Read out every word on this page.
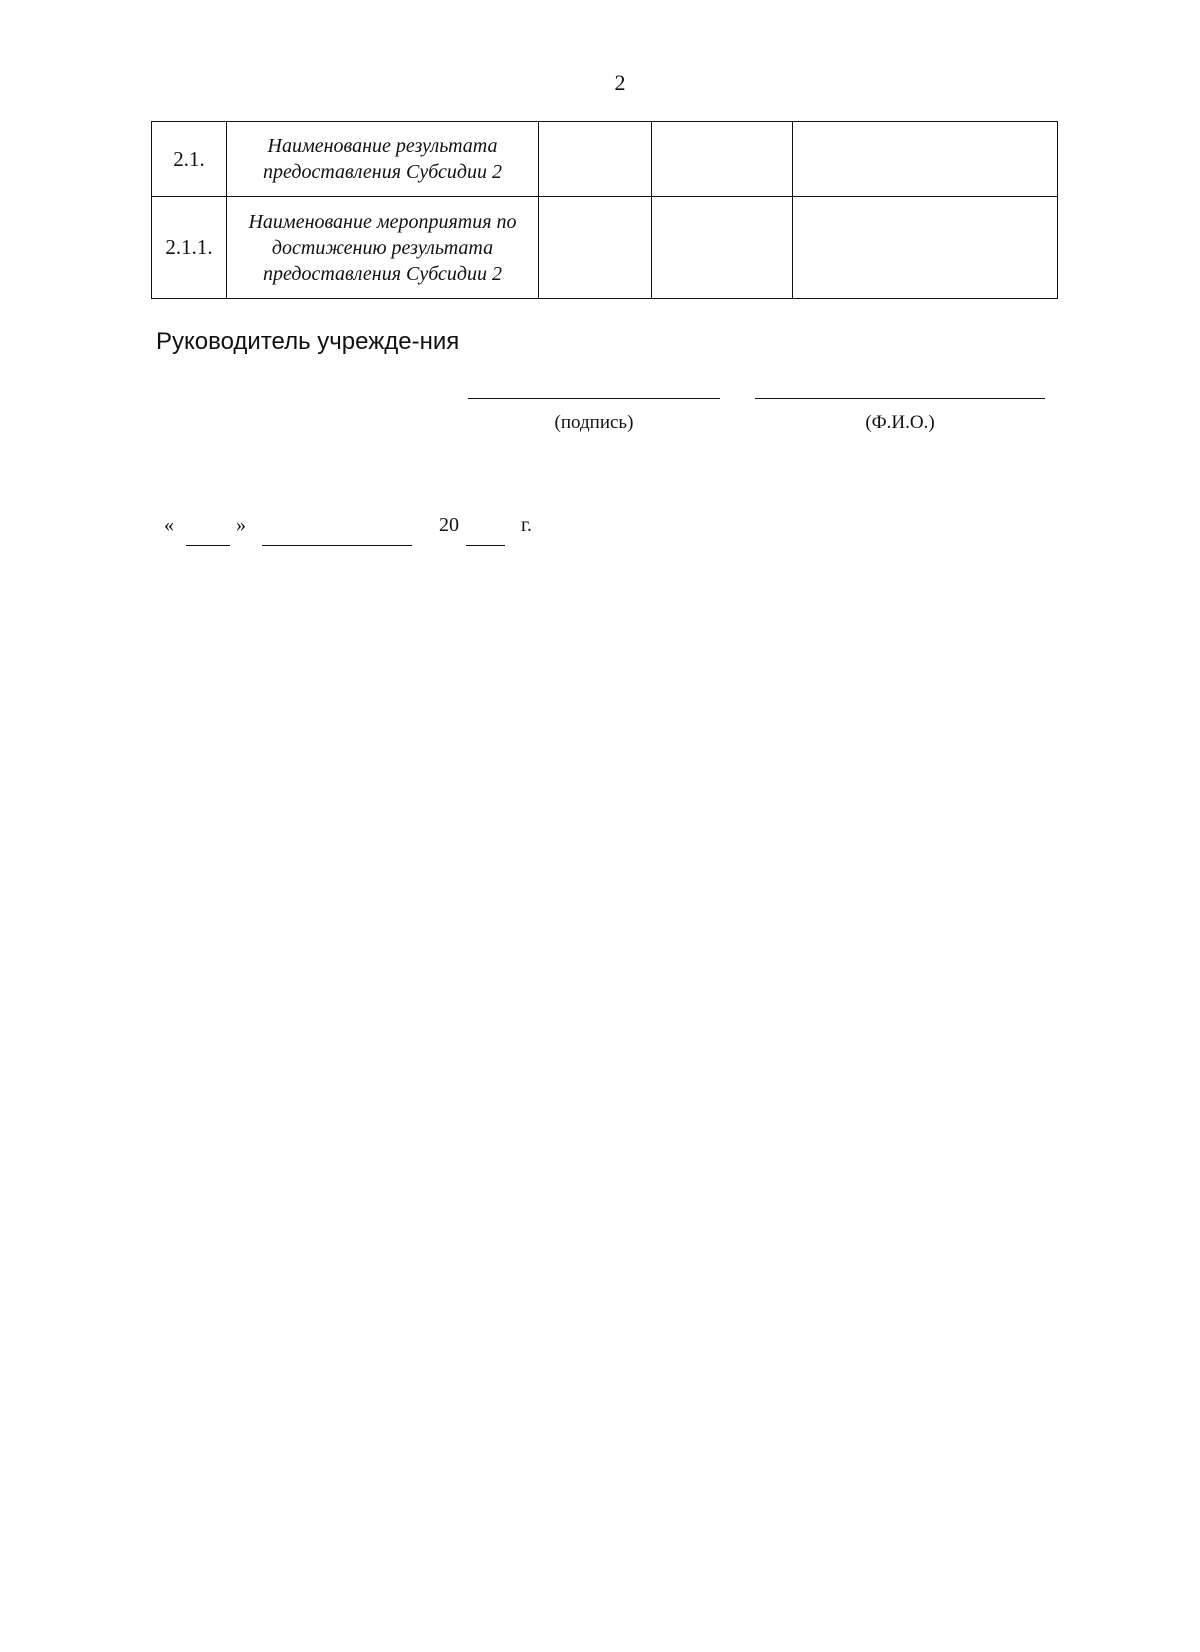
2
2.1.	Наименование результата предоставления Субсидии 2			
2.1.1.	Наименование мероприятия по достижению результата предоставления Субсидии 2			
Руководитель учрежде-ния
(подпись)	(Ф.И.О.)
«	»	20	г.
